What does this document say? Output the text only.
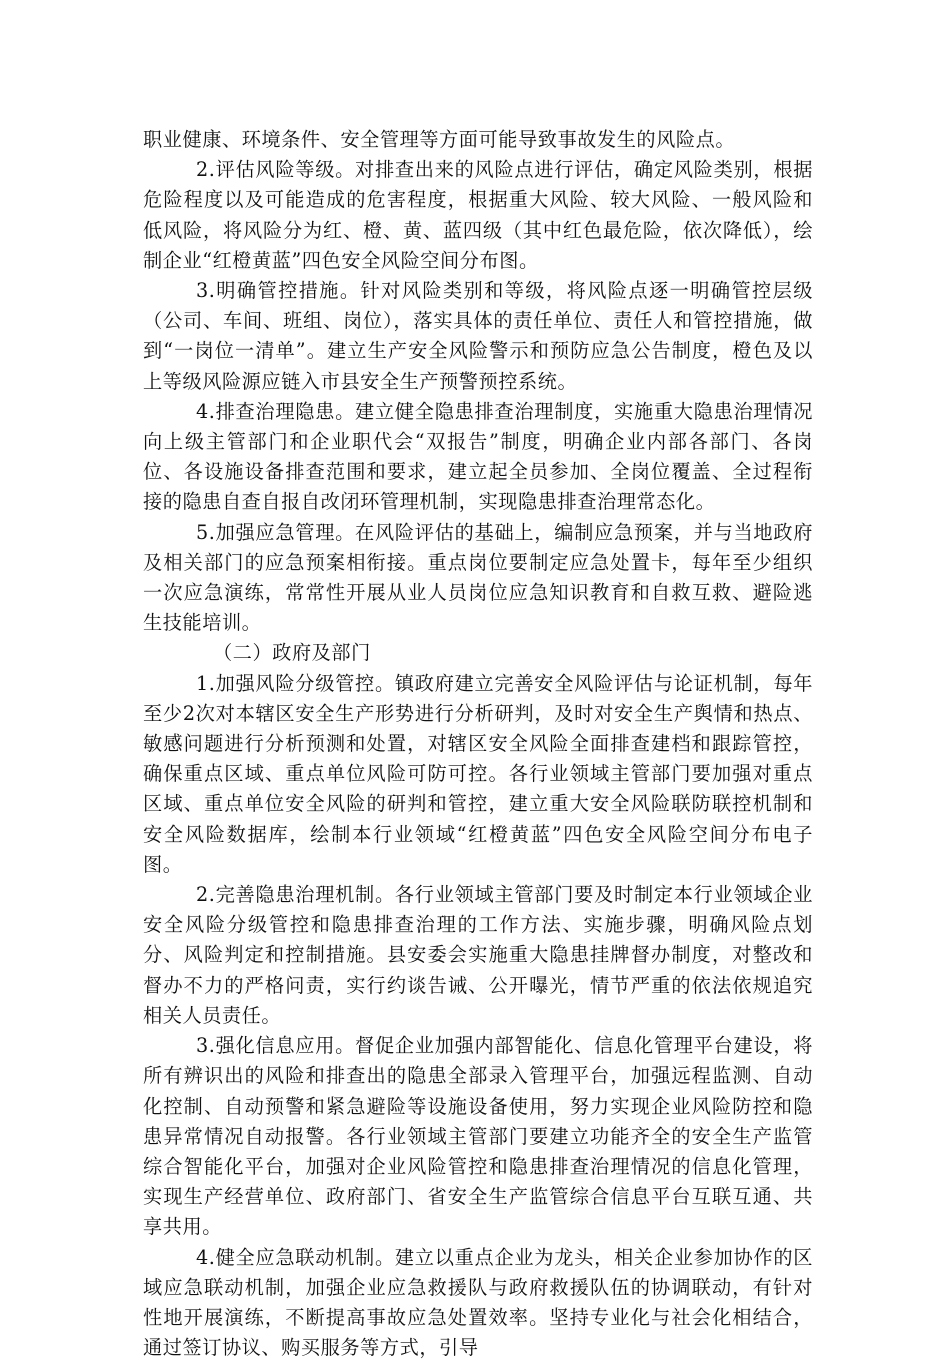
职业健康、环境条件、安全管理等方面可能导致事故发生的风险点。

2.评估风险等级。对排查出来的风险点进行评估，确定风险类别，根据危险程度以及可能造成的危害程度，根据重大风险、较大风险、一般风险和低风险，将风险分为红、橙、黄、蓝四级（其中红色最危险，依次降低），绘制企业“红橙黄蓝”四色安全风险空间分布图。

3.明确管控措施。针对风险类别和等级，将风险点逐一明确管控层级（公司、车间、班组、岗位），落实具体的责任单位、责任人和管控措施，做到“一岗位一清单”。建立生产安全风险警示和预防应急公告制度，橙色及以上等级风险源应链入市县安全生产预警预控系统。

4.排查治理隐患。建立健全隐患排查治理制度，实施重大隐患治理情况向上级主管部门和企业职代会“双报告”制度，明确企业内部各部门、各岗位、各设施设备排查范围和要求，建立起全员参加、全岗位覆盖、全过程衔接的隐患自查自报自改闭环管理机制，实现隐患排查治理常态化。

5.加强应急管理。在风险评估的基础上，编制应急预案，并与当地政府及相关部门的应急预案相衔接。重点岗位要制定应急处置卡，每年至少组织一次应急演练，常常性开展从业人员岗位应急知识教育和自救互救、避险逃生技能培训。

（二）政府及部门

1.加强风险分级管控。镇政府建立完善安全风险评估与论证机制，每年至少2次对本辖区安全生产形势进行分析研判，及时对安全生产舆情和热点、敏感问题进行分析预测和处置，对辖区安全风险全面排查建档和跟踪管控，确保重点区域、重点单位风险可防可控。各行业领域主管部门要加强对重点区域、重点单位安全风险的研判和管控，建立重大安全风险联防联控机制和安全风险数据库，绘制本行业领域“红橙黄蓝”四色安全风险空间分布电子图。

2.完善隐患治理机制。各行业领域主管部门要及时制定本行业领域企业安全风险分级管控和隐患排查治理的工作方法、实施步骤，明确风险点划分、风险判定和控制措施。县安委会实施重大隐患挂牌督办制度，对整改和督办不力的严格问责，实行约谈告诫、公开曝光，情节严重的依法依规追究相关人员责任。

3.强化信息应用。督促企业加强内部智能化、信息化管理平台建设，将所有辨识出的风险和排查出的隐患全部录入管理平台，加强远程监测、自动化控制、自动预警和紧急避险等设施设备使用，努力实现企业风险防控和隐患异常情况自动报警。各行业领域主管部门要建立功能齐全的安全生产监管综合智能化平台，加强对企业风险管控和隐患排查治理情况的信息化管理，实现生产经营单位、政府部门、省安全生产监管综合信息平台互联互通、共享共用。

4.健全应急联动机制。建立以重点企业为龙头，相关企业参加协作的区域应急联动机制，加强企业应急救援队与政府救援队伍的协调联动，有针对性地开展演练，不断提高事故应急处置效率。坚持专业化与社会化相结合，通过签订协议、购买服务等方式，引导
